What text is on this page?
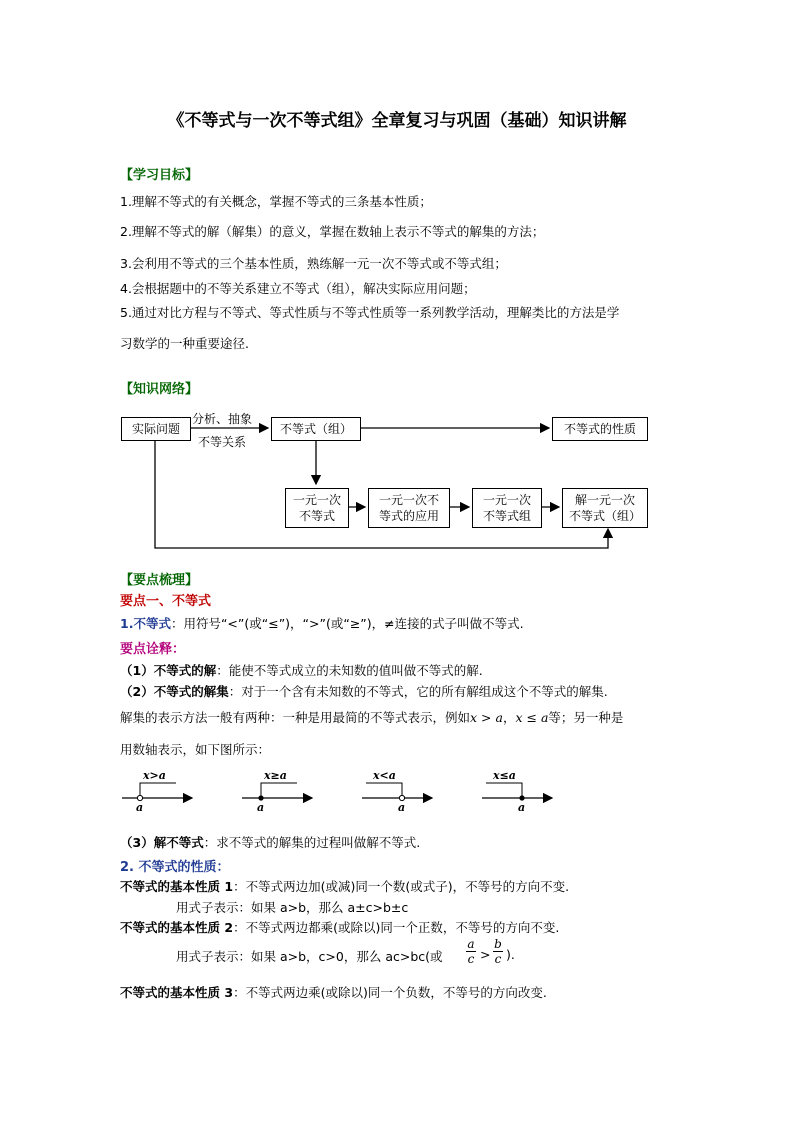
《不等式与一次不等式组》全章复习与巩固（基础）知识讲解
【学习目标】
1.理解不等式的有关概念，掌握不等式的三条基本性质；
2.理解不等式的解（解集）的意义，掌握在数轴上表示不等式的解集的方法；
3.会利用不等式的三个基本性质，熟练解一元一次不等式或不等式组；
4.会根据题中的不等关系建立不等式（组），解决实际应用问题；
5.通过对比方程与不等式、等式性质与不等式性质等一系列教学活动，理解类比的方法是学
习数学的一种重要途径.
【知识网络】
实际问题
分析、抽象
不等关系
不等式（组）	不等式的性质
一元一次
不等式
一元一次不
等式的应用
一元一次
不等式组
解一元一次
不等式（组）
【要点梳理】
要点一、不等式
1.不等式：用符号“<”(或“≤”)，“>”(或“≥”)，≠连接的式子叫做不等式.
要点诠释：
（1）不等式的解：能使不等式成立的未知数的值叫做不等式的解.
（2）不等式的解集：对于一个含有未知数的不等式，它的所有解组成这个不等式的解集.
解集的表示方法一般有两种：一种是用最简的不等式表示，例如x > a，x ≤ a等；另一种是
用数轴表示，如下图所示：
x>a
a
x≥a
a
x<a
a
x≤a
a
（3）解不等式：求不等式的解集的过程叫做解不等式.
2. 不等式的性质：
不等式的基本性质 1：不等式两边加(或减)同一个数(或式子)，不等号的方向不变.
用式子表示：如果 a>b，那么 a±c>b±c
不等式的基本性质 2：不等式两边都乘(或除以)同一个正数，不等号的方向不变.
用式子表示：如果 a>b，c>0，那么 ac>bc(或 $\frac{a}{c} > \frac{b}{c}$ ).
不等式的基本性质 3：不等式两边乘(或除以)同一个负数，不等号的方向改变.
